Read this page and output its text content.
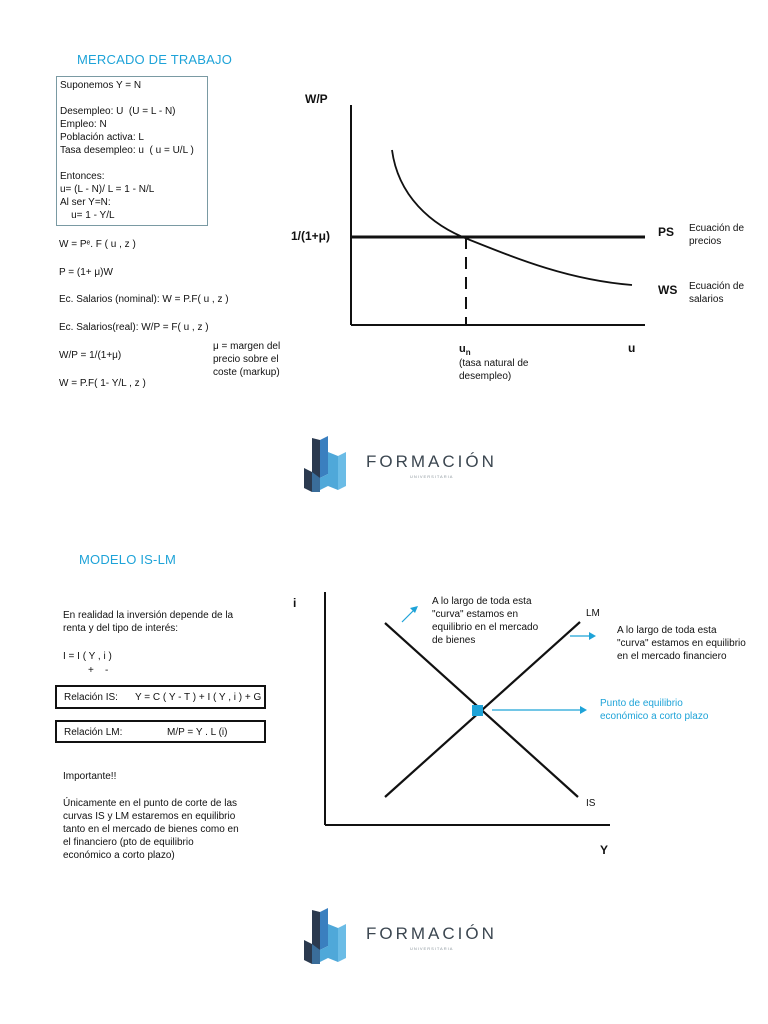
MERCADO DE TRABAJO
Suponemos Y = N
Desempleo: U  (U = L - N)
Empleo: N
Población activa: L
Tasa desempleo: u  ( u = U/L )
Entonces:
u= (L - N)/ L = 1 - N/L
Al ser Y=N:
u= 1 - Y/L
W = Pᵉ. F ( u , z )
P = (1+ μ)W
Ec. Salarios (nominal): W = P.F( u , z )
Ec. Salarios(real): W/P = F( u , z )
W/P = 1/(1+μ)
W = P.F( 1- Y/L , z )
μ = margen del
precio sobre el
coste (markup)
W/P
u
1/(1+μ)	PS Ecuación de
precios
WS Ecuación de
salarios
$u_n$
(tasa natural de
desempleo)
FORMACIÓN
UNIVERSITARIA
MODELO IS-LM
En realidad la inversión depende de la
renta y del tipo de interés:
I = I ( Y , i )
+    -
Relación IS: Y = C ( Y - T ) + I ( Y , i ) + G
Relación LM:	M/P = Y . L (i)
Importante!!
Únicamente en el punto de corte de las
curvas IS y LM estaremos en equilibrio
tanto en el mercado de bienes como en
el financiero (pto de equilibrio
económico a corto plazo)
i
Y
LM
IS
A lo largo de toda esta
"curva" estamos en
equilibrio en el mercado
de bienes
A lo largo de toda esta
"curva" estamos en equilibrio
en el mercado financiero
Punto de equilibrio
económico a corto plazo
FORMACIÓN
UNIVERSITARIA
